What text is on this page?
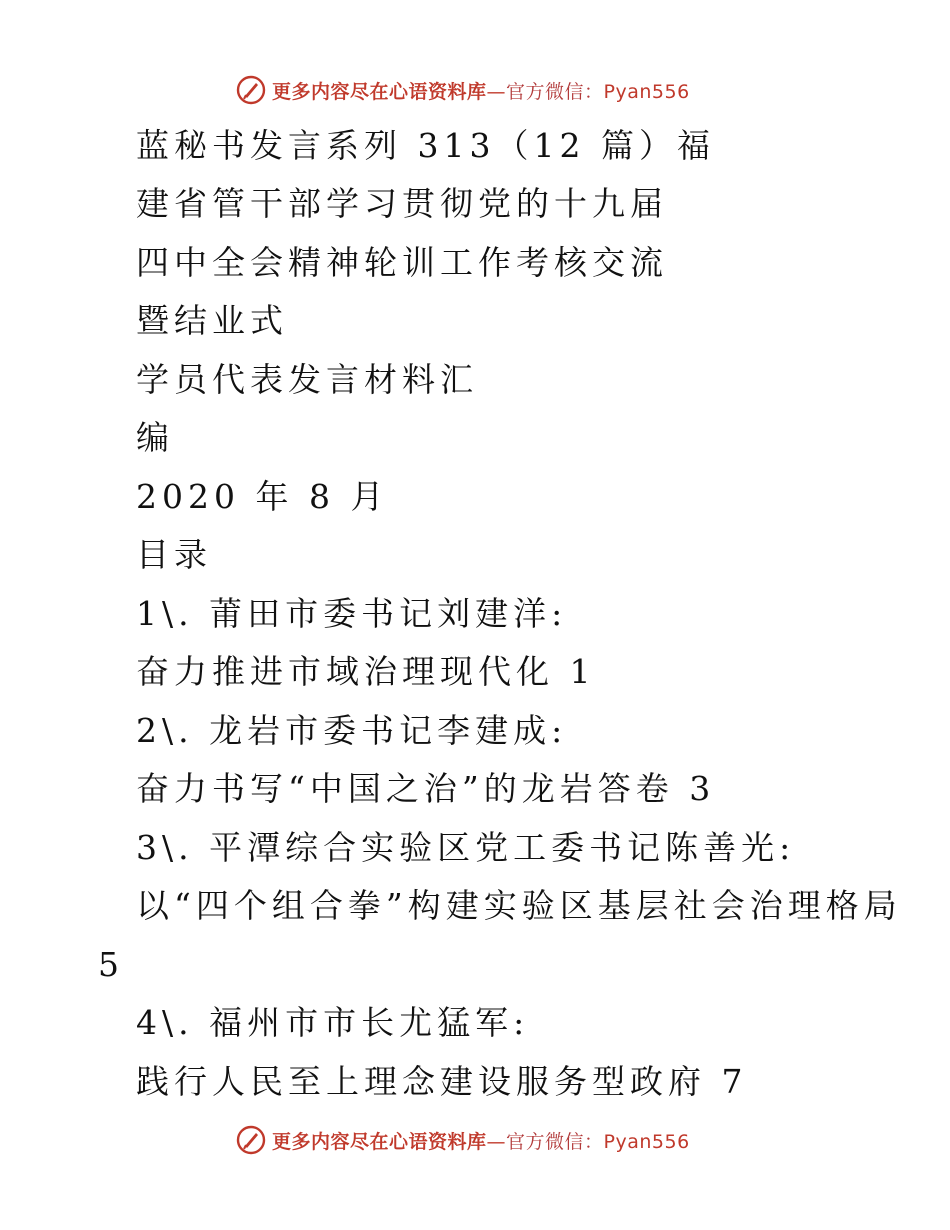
更多内容尽在心语资料库—官方微信：Pyan556
蓝秘书发言系列 313（12 篇）福
建省管干部学习贯彻党的十九届
四中全会精神轮训工作考核交流
暨结业式
学员代表发言材料汇
编
2020 年 8 月
目录
1\. 莆田市委书记刘建洋:
奋力推进市域治理现代化 1
2\. 龙岩市委书记李建成:
奋力书写“中国之治”的龙岩答卷 3
3\. 平潭综合实验区党工委书记陈善光:
以“四个组合拳”构建实验区基层社会治理格局
5
4\. 福州市市长尤猛军:
践行人民至上理念建设服务型政府 7
更多内容尽在心语资料库—官方微信：Pyan556
